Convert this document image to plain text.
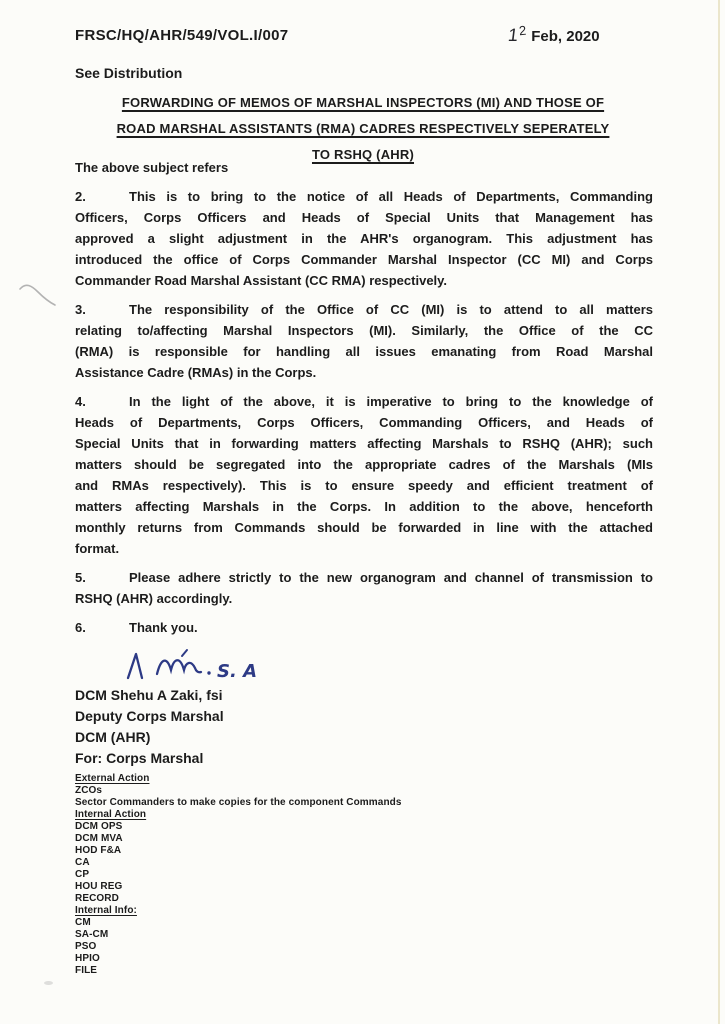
FRSC/HQ/AHR/549/VOL.I/007	12 Feb, 2020
See Distribution
FORWARDING OF MEMOS OF MARSHAL INSPECTORS (MI) AND THOSE OF
ROAD MARSHAL ASSISTANTS (RMA) CADRES RESPECTIVELY SEPERATELY
TO RSHQ (AHR)
The above subject refers
2.	This is to bring to the notice of all Heads of Departments, Commanding
Officers, Corps Officers and Heads of Special Units that Management has
approved a slight adjustment in the AHR's organogram. This adjustment has
introduced the office of Corps Commander Marshal Inspector (CC MI) and Corps
Commander Road Marshal Assistant (CC RMA) respectively.
3.	The responsibility of the Office of CC (MI) is to attend to all matters
relating to/affecting Marshal Inspectors (MI). Similarly, the Office of the CC
(RMA) is responsible for handling all issues emanating from Road Marshal
Assistance Cadre (RMAs) in the Corps.
4.	In the light of the above, it is imperative to bring to the knowledge of
Heads of Departments, Corps Officers, Commanding Officers, and Heads of
Special Units that in forwarding matters affecting Marshals to RSHQ (AHR); such
matters should be segregated into the appropriate cadres of the Marshals (MIs
and RMAs respectively). This is to ensure speedy and efficient treatment of
matters affecting Marshals in the Corps. In addition to the above, henceforth
monthly returns from Commands should be forwarded in line with the attached
format.
5.	Please adhere strictly to the new organogram and channel of transmission to
RSHQ (AHR) accordingly.
6.	Thank you.
S. A
DCM Shehu A Zaki, fsi
Deputy Corps Marshal
DCM (AHR)
For: Corps Marshal
External Action
ZCOs
Sector Commanders to make copies for the component Commands
Internal Action
DCM OPS
DCM MVA
HOD F&A
CA
CP
HOU REG
RECORD
Internal Info:
CM
SA-CM
PSO
HPIO
FILE
